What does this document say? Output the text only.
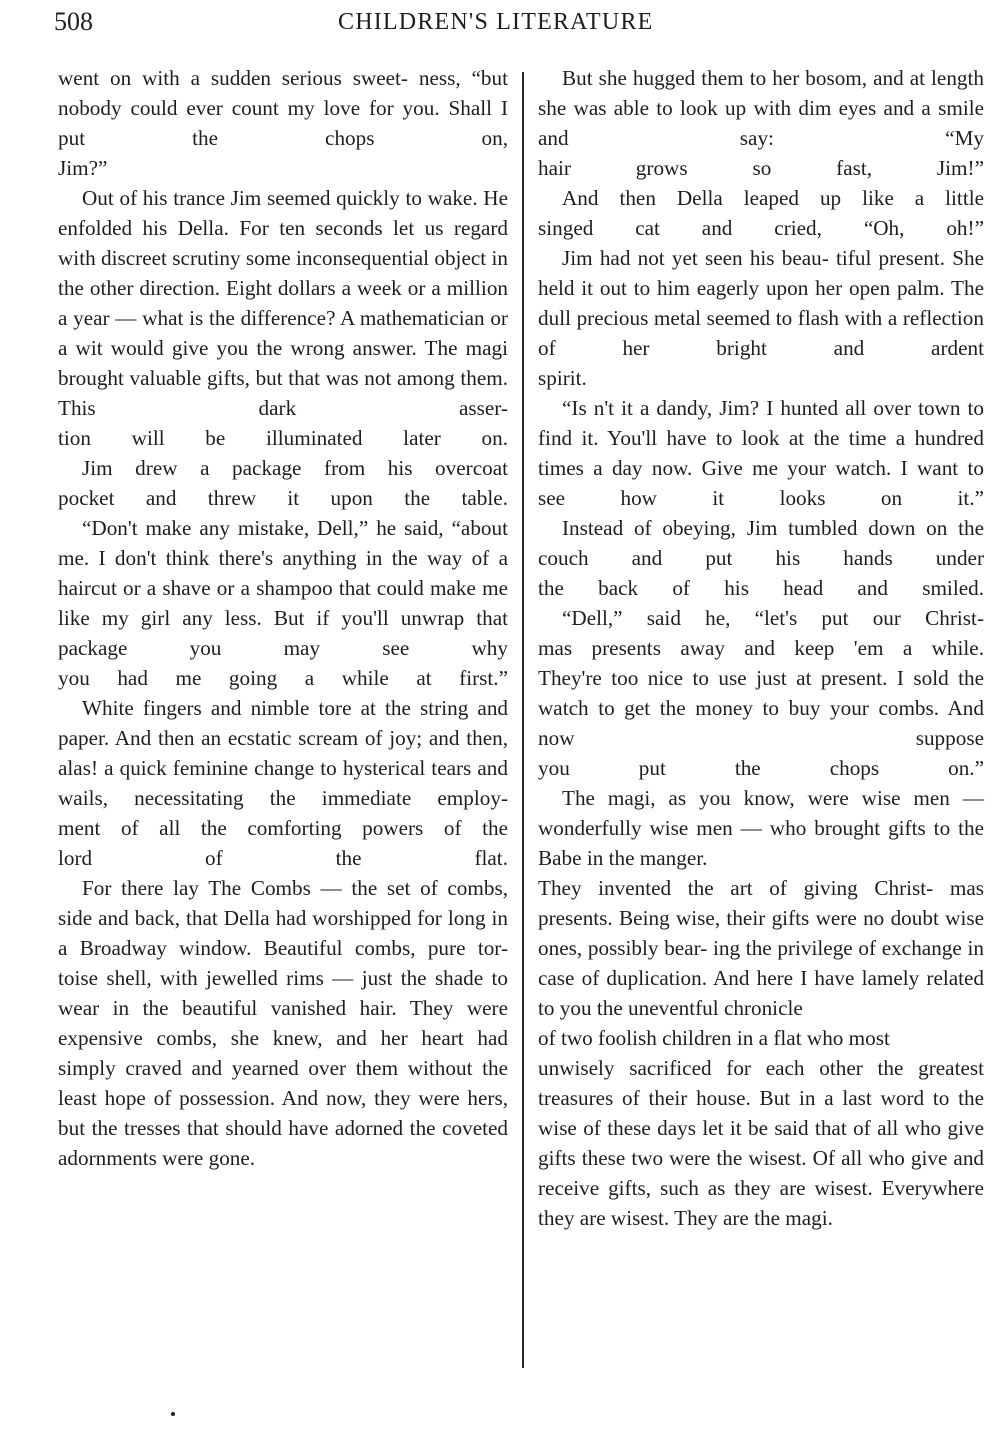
508	CHILDREN'S LITERATURE

went on with a sudden serious sweet- ness, “but nobody could ever count my love for you. Shall I put the chops on,
Jim?”

Out of his trance Jim seemed quickly to wake. He enfolded his Della. For ten seconds let us regard with discreet scrutiny some inconsequential object in the other direction. Eight dollars a week or a million a year — what is the difference? A mathematician or a wit would give you the wrong answer. The magi brought valuable gifts, but that was not among them. This dark asser-
tion will be illuminated later on.

Jim drew a package from his overcoat
pocket and threw it upon the table.

“Don't make any mistake, Dell,” he said, “about me. I don't think there's anything in the way of a haircut or a shave or a shampoo that could make me like my girl any less. But if you'll unwrap that package you may see why
you had me going a while at first.”

White fingers and nimble tore at the string and paper. And then an ecstatic scream of joy; and then, alas! a quick feminine change to hysterical tears and
wails, necessitating the immediate employ-
ment of all the comforting powers of the
lord of the flat.

For there lay The Combs — the set of combs, side and back, that Della had worshipped for long in a Broadway window. Beautiful combs, pure tor- toise shell, with jewelled rims — just the shade to wear in the beautiful vanished hair. They were expensive combs, she knew, and her heart had simply craved and yearned over them without the least hope of possession. And now, they were hers, but the tresses that should have adorned the coveted adornments were gone.

But she hugged them to her bosom, and at length she was able to look up with dim eyes and a smile and say: “My
hair grows so fast, Jim!”

And then Della leaped up like a little
singed cat and cried, “Oh, oh!”

Jim had not yet seen his beau- tiful present. She held it out to him eagerly upon her open palm. The dull precious metal seemed to flash with a reflection of her bright and ardent
spirit.

“Is n't it a dandy, Jim? I hunted all over town to find it. You'll have to look at the time a hundred times a day now. Give me your watch. I want to
see how it looks on it.”

Instead of obeying, Jim tumbled down on the couch and put his hands under
the back of his head and smiled.

“Dell,” said he, “let's put our Christ-
mas presents away and keep 'em a while.
They're too nice to use just at present. I sold the watch to get the money to buy your combs. And now suppose
you put the chops on.”

The magi, as you know, were wise men — wonderfully wise men — who brought gifts to the Babe in the manger.
They invented the art of giving Christ- mas presents. Being wise, their gifts were no doubt wise ones, possibly bear- ing the privilege of exchange in case of duplication. And here I have lamely related to you the uneventful chronicle
of two foolish children in a flat who most
unwisely sacrificed for each other the greatest treasures of their house. But in a last word to the wise of these days let it be said that of all who give gifts these two were the wisest. Of all who give and receive gifts, such as they are wisest. Everywhere they are wisest. They are the magi.
